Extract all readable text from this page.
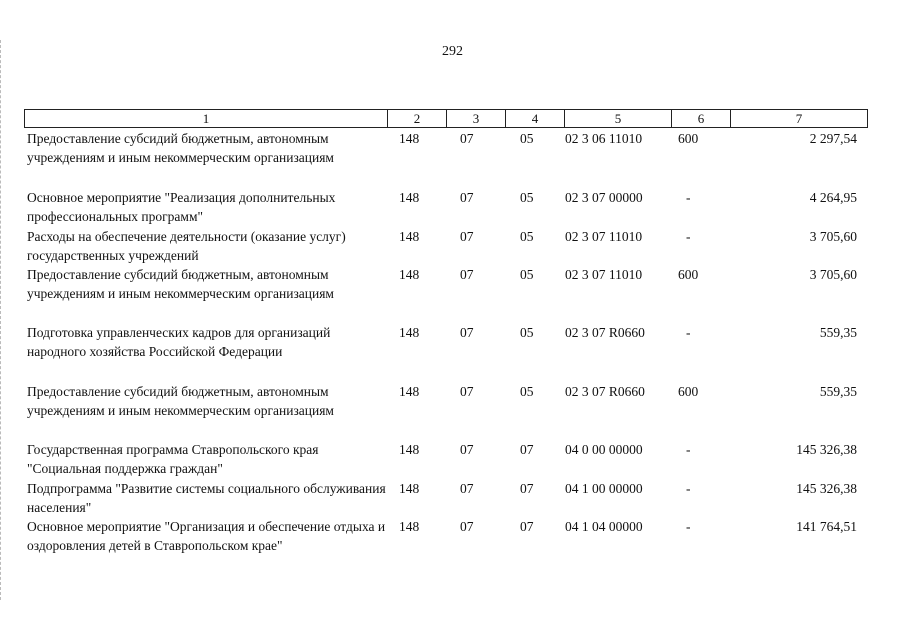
292
1	2	3	4	5	6	7
Предоставление субсидий бюджетным, автономным учреждениям и иным некоммерческим организациям
148	07	05	02 3 06 11010	600	2 297,54
Основное мероприятие "Реализация дополнительных профессиональных программ"
148	07	05	02 3 07 00000	-	4 264,95
Расходы на обеспечение деятельности (оказание услуг) государственных учреждений
148	07	05	02 3 07 11010	-	3 705,60
Предоставление субсидий бюджетным, автономным учреждениям и иным некоммерческим организациям
148	07	05	02 3 07 11010	600	3 705,60
Подготовка управленческих кадров для организаций народного хозяйства Российской Федерации
148	07	05	02 3 07 R0660	-	559,35
Предоставление субсидий бюджетным, автономным учреждениям и иным некоммерческим организациям
148	07	05	02 3 07 R0660	600	559,35
Государственная программа Ставропольского края "Социальная поддержка граждан"
148	07	07	04 0 00 00000	-	145 326,38
Подпрограмма "Развитие системы социального обслуживания населения"
148	07	07	04 1 00 00000	-	145 326,38
Основное мероприятие "Организация и обеспечение отдыха и оздоровления детей в Ставропольском крае"
148	07	07	04 1 04 00000	-	141 764,51
